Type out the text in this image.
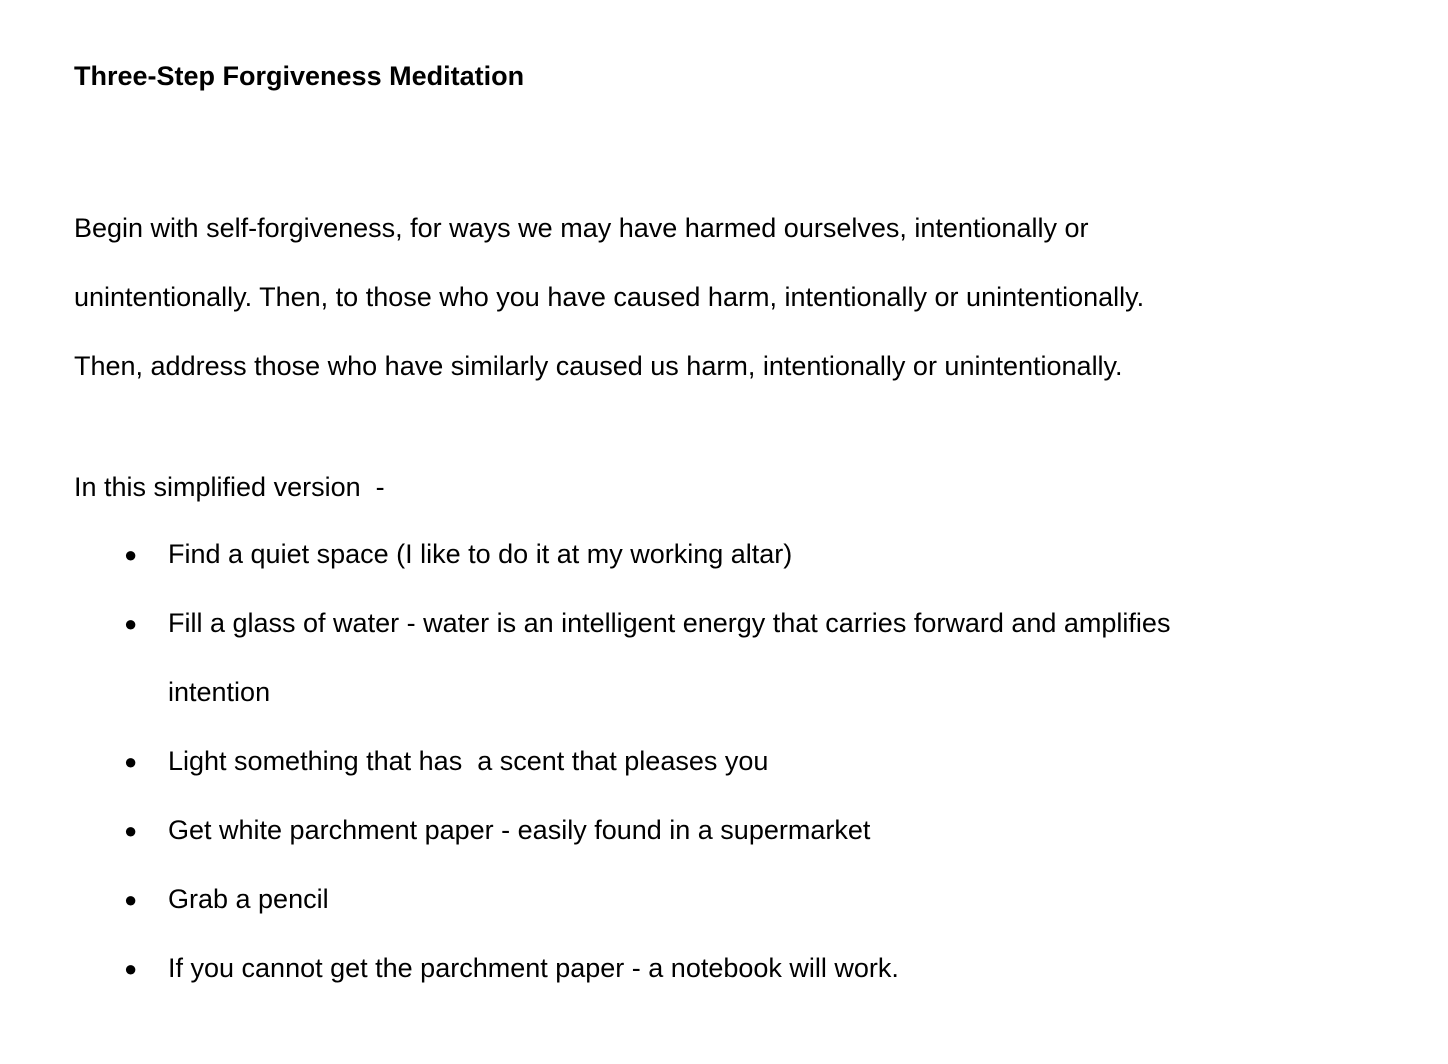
Three-Step Forgiveness Meditation

Begin with self-forgiveness, for ways we may have harmed ourselves, intentionally or
unintentionally. Then, to those who you have caused harm, intentionally or unintentionally.
Then, address those who have similarly caused us harm, intentionally or unintentionally.

In this simplified version  -

● Find a quiet space (I like to do it at my working altar)
● Fill a glass of water - water is an intelligent energy that carries forward and amplifies
intention
● Light something that has  a scent that pleases you
● Get white parchment paper - easily found in a supermarket
● Grab a pencil
● If you cannot get the parchment paper - a notebook will work.
